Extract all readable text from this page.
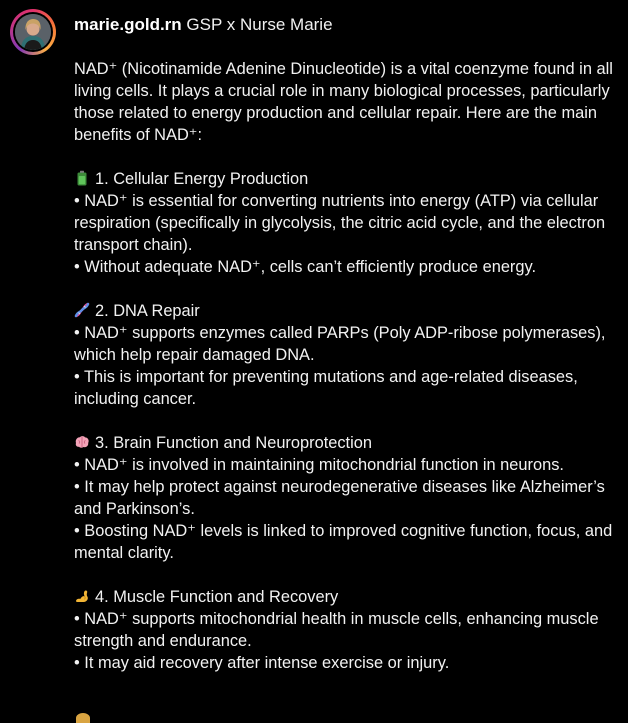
marie.gold.rn GSP x Nurse Marie

NAD⁺ (Nicotinamide Adenine Dinucleotide) is a vital coenzyme found in all living cells. It plays a crucial role in many biological processes, particularly those related to energy production and cellular repair. Here are the main benefits of NAD⁺:

1. Cellular Energy Production

• NAD⁺ is essential for converting nutrients into energy (ATP) via cellular respiration (specifically in glycolysis, the citric acid cycle, and the electron transport chain).

• Without adequate NAD⁺, cells can’t efficiently produce energy.

2. DNA Repair

• NAD⁺ supports enzymes called PARPs (Poly ADP-ribose polymerases), which help repair damaged DNA.

• This is important for preventing mutations and age-related diseases, including cancer.

3. Brain Function and Neuroprotection

• NAD⁺ is involved in maintaining mitochondrial function in neurons.

• It may help protect against neurodegenerative diseases like Alzheimer’s and Parkinson’s.

• Boosting NAD⁺ levels is linked to improved cognitive function, focus, and mental clarity.

4. Muscle Function and Recovery

• NAD⁺ supports mitochondrial health in muscle cells, enhancing muscle strength and endurance.

• It may aid recovery after intense exercise or injury.
